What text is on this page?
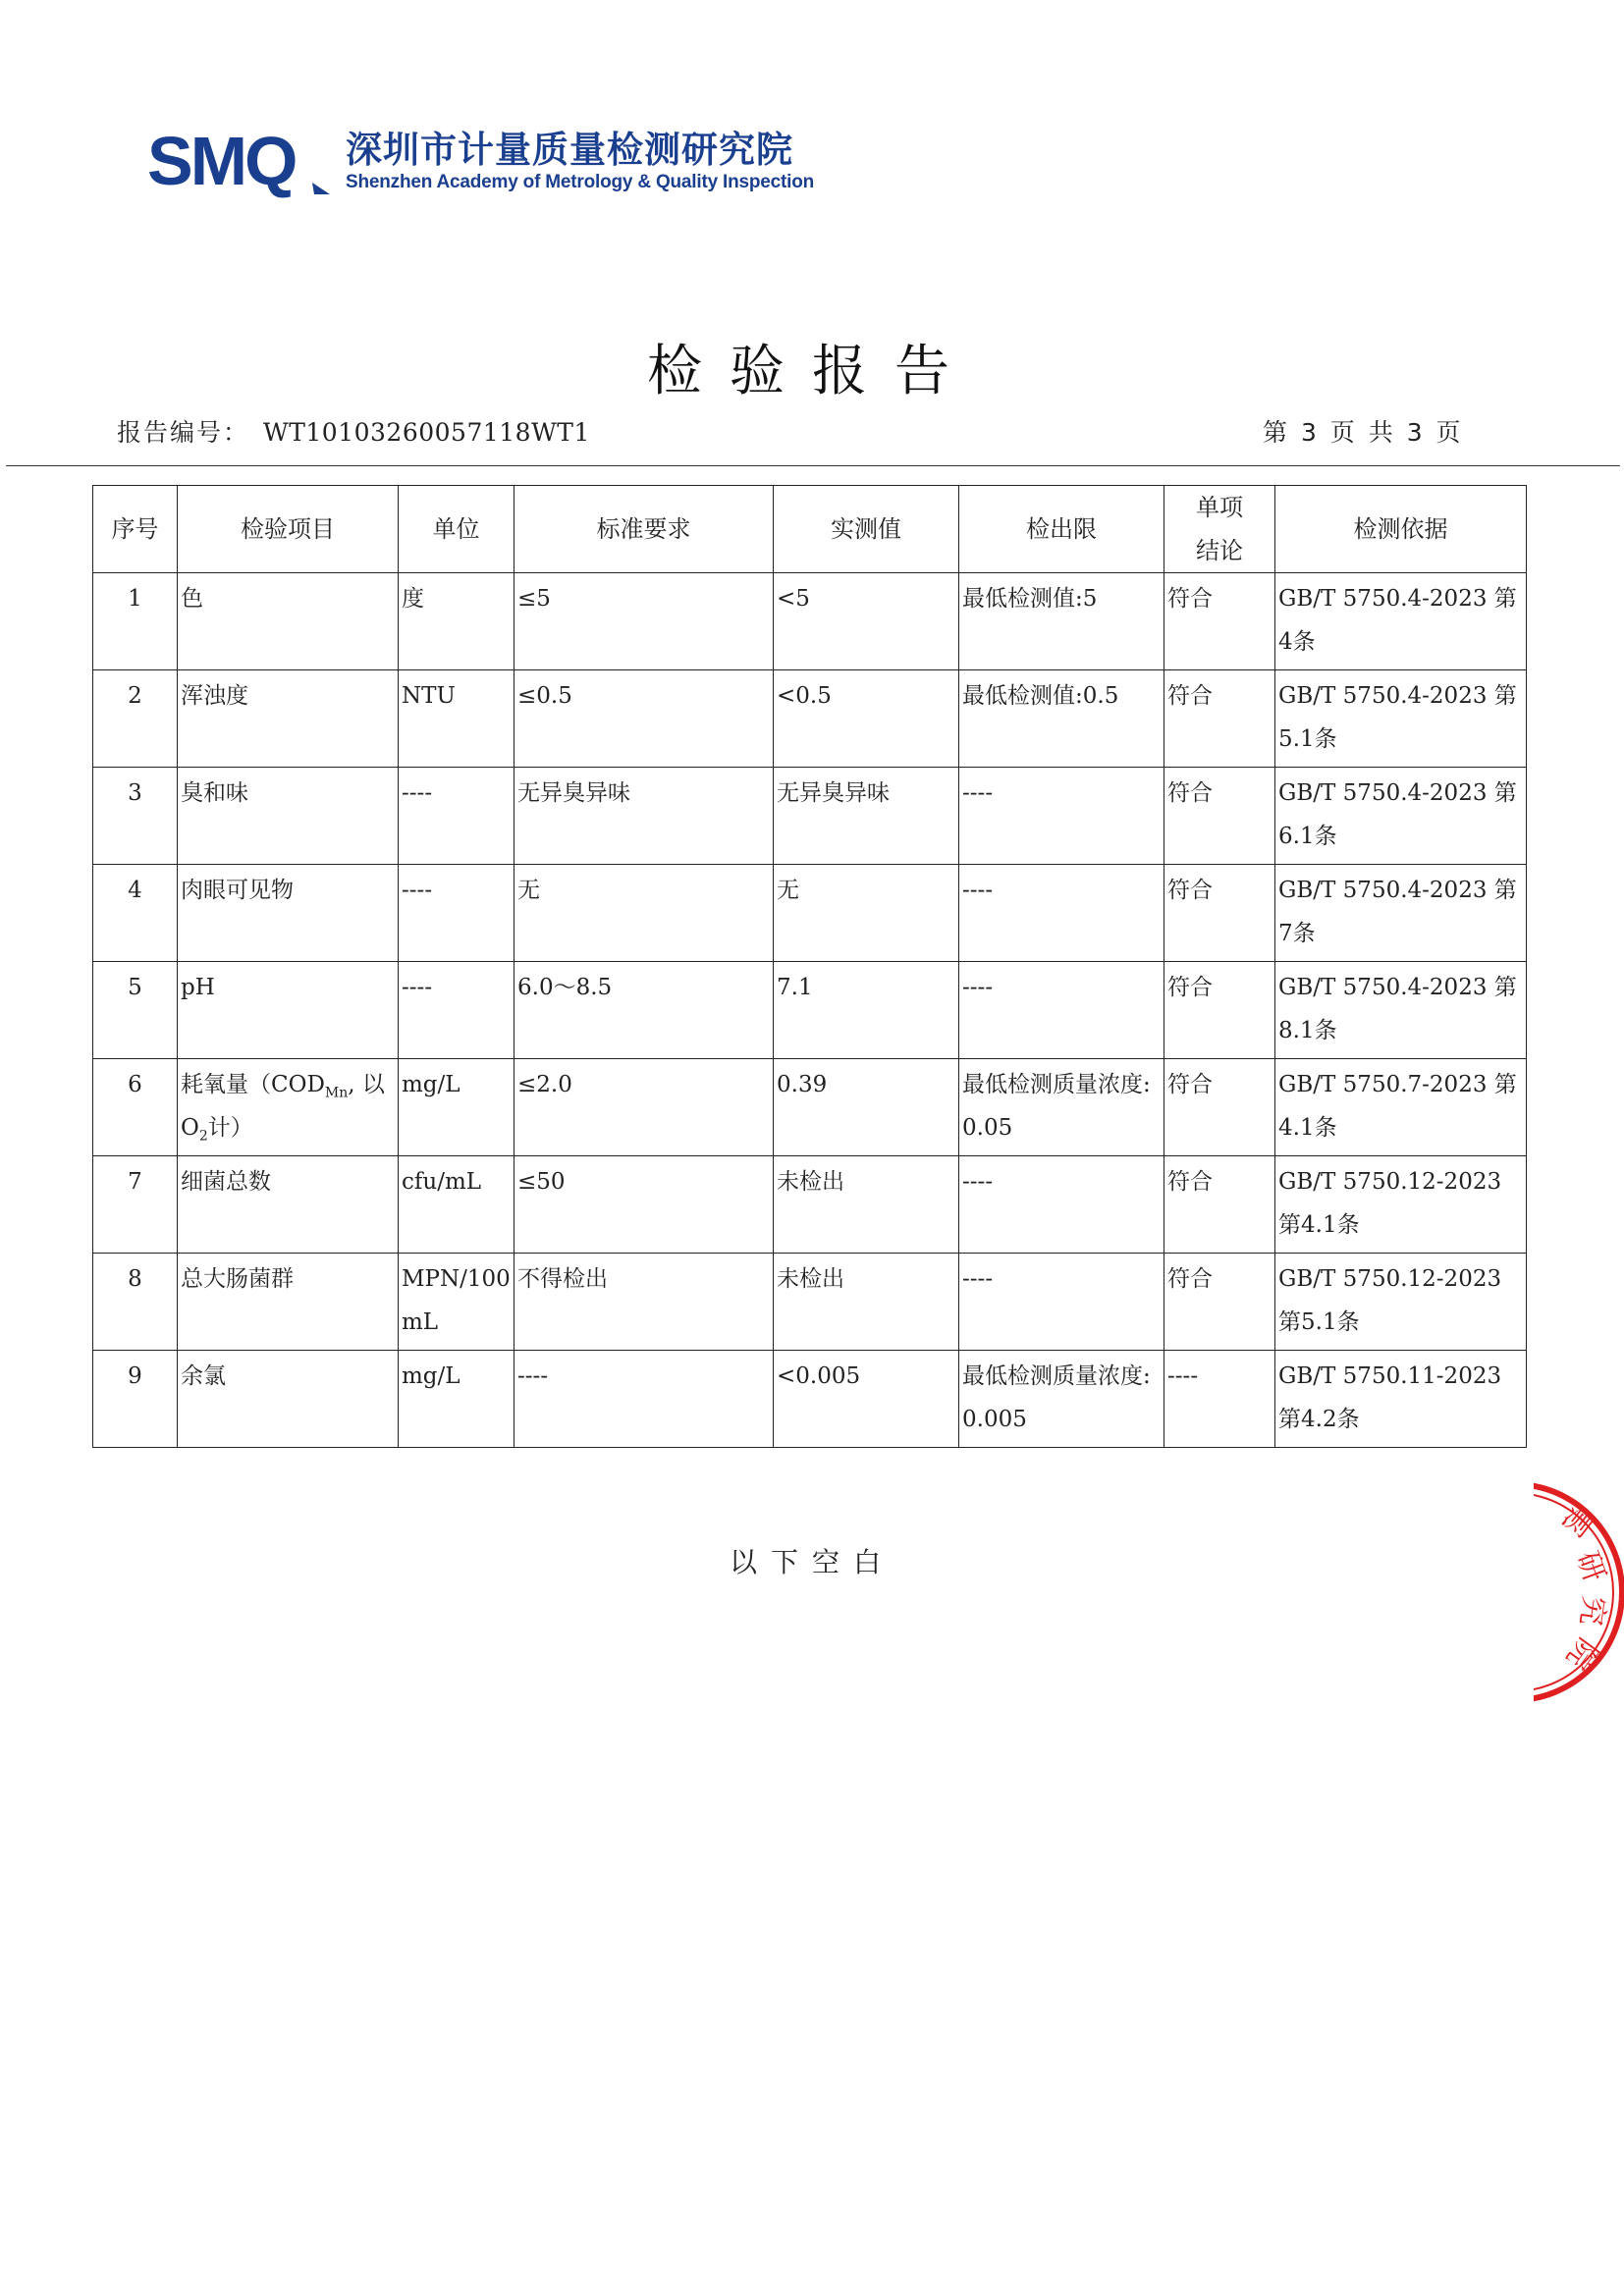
SMQ 深圳市计量质量检测研究院
Shenzhen Academy of Metrology & Quality Inspection
检验报告
报告编号： WT10103260057118WT1	第 3 页 共 3 页
序号	检验项目	单位	标准要求	实测值	检出限	单项结论	检测依据
1	色	度	≤5	<5	最低检测值:5	符合	GB/T 5750.4-2023 第4条
2	浑浊度	NTU	≤0.5	<0.5	最低检测值:0.5	符合	GB/T 5750.4-2023 第5.1条
3	臭和味	----	无异臭异味	无异臭异味	----	符合	GB/T 5750.4-2023 第6.1条
4	肉眼可见物	----	无	无	----	符合	GB/T 5750.4-2023 第7条
5	pH	----	6.0～8.5	7.1	----	符合	GB/T 5750.4-2023 第8.1条
6	耗氧量（$COD_{Mn}$, 以$O_2$计）	mg/L	≤2.0	0.39	最低检测质量浓度:0.05	符合	GB/T 5750.7-2023 第4.1条
7	细菌总数	cfu/mL	≤50	未检出	----	符合	GB/T 5750.12-2023 第4.1条
8	总大肠菌群	MPN/100mL	不得检出	未检出	----	符合	GB/T 5750.12-2023 第5.1条
9	余氯	mg/L	----	<0.005	最低检测质量浓度:0.005	----	GB/T 5750.11-2023 第4.2条
以下空白
测
研
究
院
